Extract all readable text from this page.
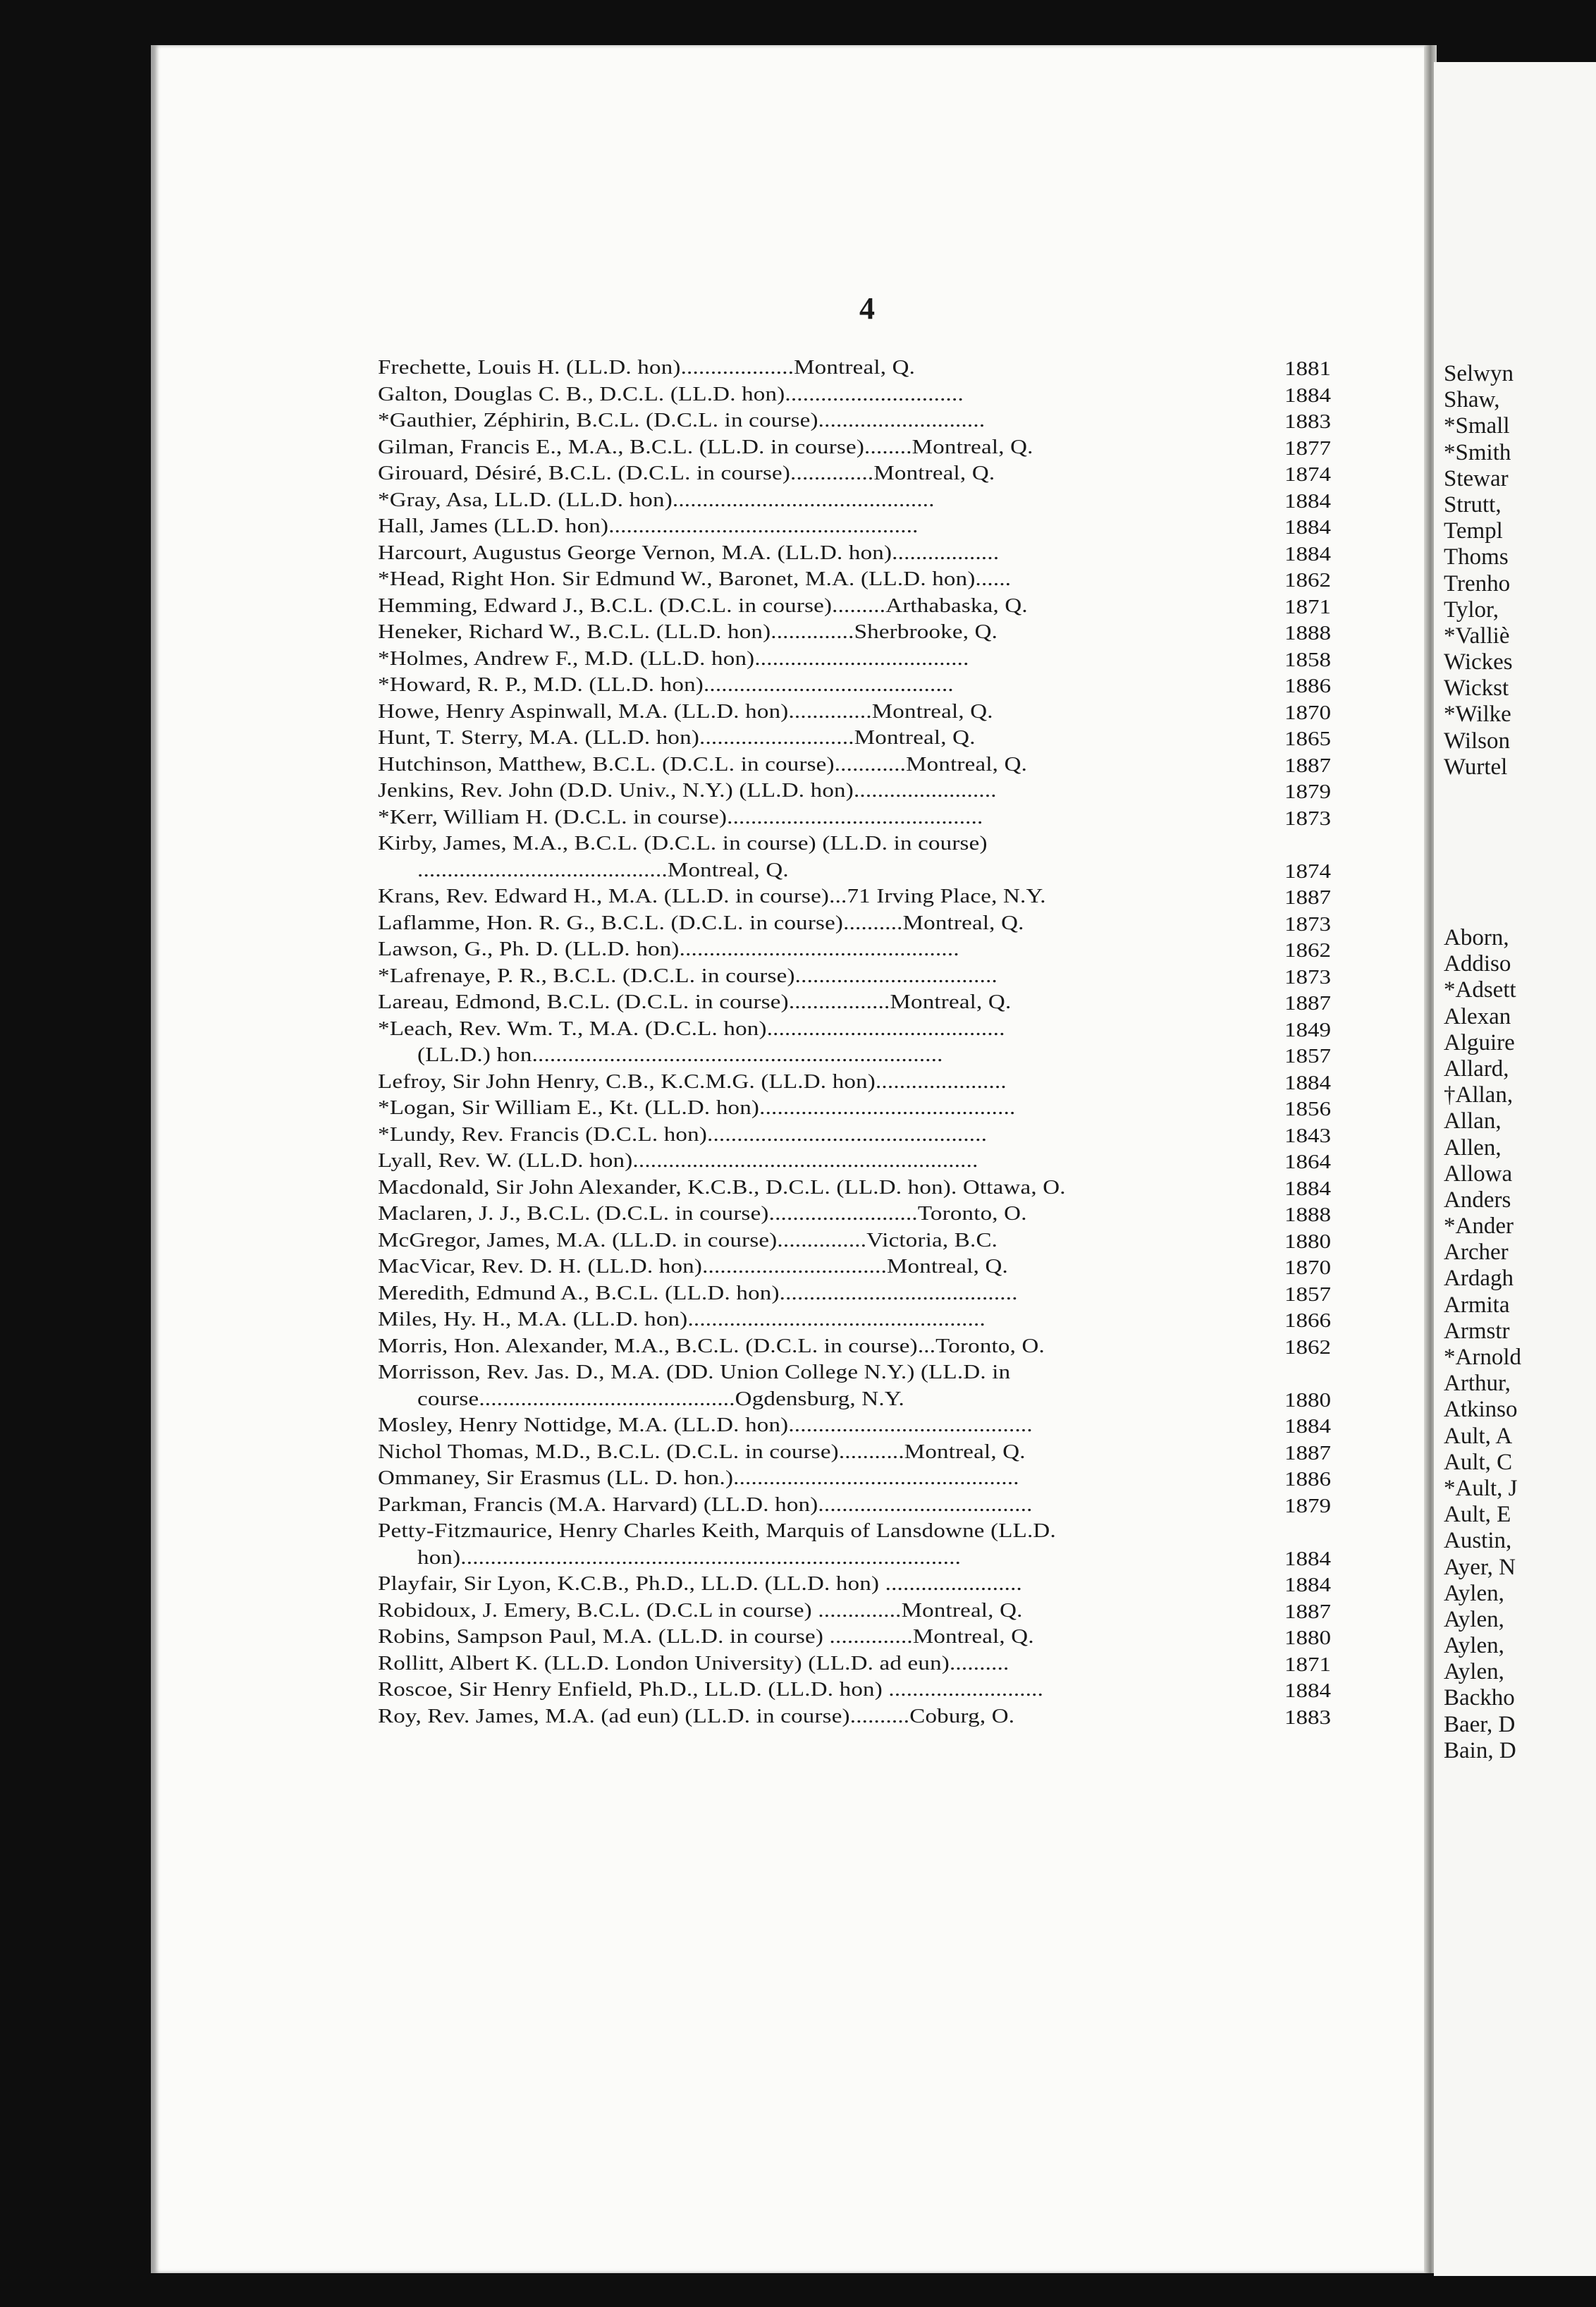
Selwyn
Shaw,
*Small
*Smith
Stewar
Strutt,
Templ
Thoms
Trenho
Tylor,
*Valliè
Wickes
Wickst
*Wilke
Wilson
Wurtel
Aborn,
Addiso
*Adsett
Alexan
Alguire
Allard,
†Allan,
Allan,
Allen,
Allowa
Anders
*Ander
Archer
Ardagh
Armita
Armstr
*Arnold
Arthur,
Atkinso
Ault, A
Ault, C
*Ault, J
Ault, E
Austin,
Ayer, N
Aylen,
Aylen,
Aylen,
Aylen,
Backho
Baer, D
Bain, D
4
Frechette, Louis H. (LL.D. hon)...................Montreal, Q.	1881
Galton, Douglas C. B., D.C.L. (LL.D. hon)..............................	1884
*Gauthier, Zéphirin, B.C.L. (D.C.L. in course)............................	1883
Gilman, Francis E., M.A., B.C.L. (LL.D. in course)........Montreal, Q.	1877
Girouard, Désiré, B.C.L. (D.C.L. in course)..............Montreal, Q.	1874
*Gray, Asa, LL.D. (LL.D. hon)............................................	1884
Hall, James (LL.D. hon)....................................................	1884
Harcourt, Augustus George Vernon, M.A. (LL.D. hon)..................	1884
*Head, Right Hon. Sir Edmund W., Baronet, M.A. (LL.D. hon)......	1862
Hemming, Edward J., B.C.L. (D.C.L. in course).........Arthabaska, Q.	1871
Heneker, Richard W., B.C.L. (LL.D. hon)..............Sherbrooke, Q.	1888
*Holmes, Andrew F., M.D. (LL.D. hon)....................................	1858
*Howard, R. P., M.D. (LL.D. hon)..........................................	1886
Howe, Henry Aspinwall, M.A. (LL.D. hon)..............Montreal, Q.	1870
Hunt, T. Sterry, M.A. (LL.D. hon)..........................Montreal, Q.	1865
Hutchinson, Matthew, B.C.L. (D.C.L. in course)............Montreal, Q.	1887
Jenkins, Rev. John (D.D. Univ., N.Y.) (LL.D. hon)........................	1879
*Kerr, William H. (D.C.L. in course)...........................................	1873
Kirby, James, M.A., B.C.L. (D.C.L. in course) (LL.D. in course)
..........................................Montreal, Q.	1874
Krans, Rev. Edward H., M.A. (LL.D. in course)...71 Irving Place, N.Y.	1887
Laflamme, Hon. R. G., B.C.L. (D.C.L. in course)..........Montreal, Q.	1873
Lawson, G., Ph. D. (LL.D. hon)...............................................	1862
*Lafrenaye, P. R., B.C.L. (D.C.L. in course)..................................	1873
Lareau, Edmond, B.C.L. (D.C.L. in course).................Montreal, Q.	1887
*Leach, Rev. Wm. T., M.A. (D.C.L. hon)........................................	1849
(LL.D.) hon.....................................................................	1857
Lefroy, Sir John Henry, C.B., K.C.M.G. (LL.D. hon)......................	1884
*Logan, Sir William E., Kt. (LL.D. hon)...........................................	1856
*Lundy, Rev. Francis (D.C.L. hon)...............................................	1843
Lyall, Rev. W. (LL.D. hon)..........................................................	1864
Macdonald, Sir John Alexander, K.C.B., D.C.L. (LL.D. hon). Ottawa, O.	1884
Maclaren, J. J., B.C.L. (D.C.L. in course).........................Toronto, O.	1888
McGregor, James, M.A. (LL.D. in course)...............Victoria, B.C.	1880
MacVicar, Rev. D. H. (LL.D. hon)...............................Montreal, Q.	1870
Meredith, Edmund A., B.C.L. (LL.D. hon)........................................	1857
Miles, Hy. H., M.A. (LL.D. hon)..................................................	1866
Morris, Hon. Alexander, M.A., B.C.L. (D.C.L. in course)...Toronto, O.	1862
Morrisson, Rev. Jas. D., M.A. (DD. Union College N.Y.) (LL.D. in
course...........................................Ogdensburg, N.Y.	1880
Mosley, Henry Nottidge, M.A. (LL.D. hon).........................................	1884
Nichol Thomas, M.D., B.C.L. (D.C.L. in course)...........Montreal, Q.	1887
Ommaney, Sir Erasmus (LL. D. hon.)................................................	1886
Parkman, Francis (M.A. Harvard) (LL.D. hon)....................................	1879
Petty-Fitzmaurice, Henry Charles Keith, Marquis of Lansdowne (LL.D.
hon)....................................................................................	1884
Playfair, Sir Lyon, K.C.B., Ph.D., LL.D. (LL.D. hon) .......................	1884
Robidoux, J. Emery, B.C.L. (D.C.L in course) ..............Montreal, Q.	1887
Robins, Sampson Paul, M.A. (LL.D. in course) ..............Montreal, Q.	1880
Rollitt, Albert K. (LL.D. London University) (LL.D. ad eun)..........	1871
Roscoe, Sir Henry Enfield, Ph.D., LL.D. (LL.D. hon) ..........................	1884
Roy, Rev. James, M.A. (ad eun) (LL.D. in course)..........Coburg, O.	1883
